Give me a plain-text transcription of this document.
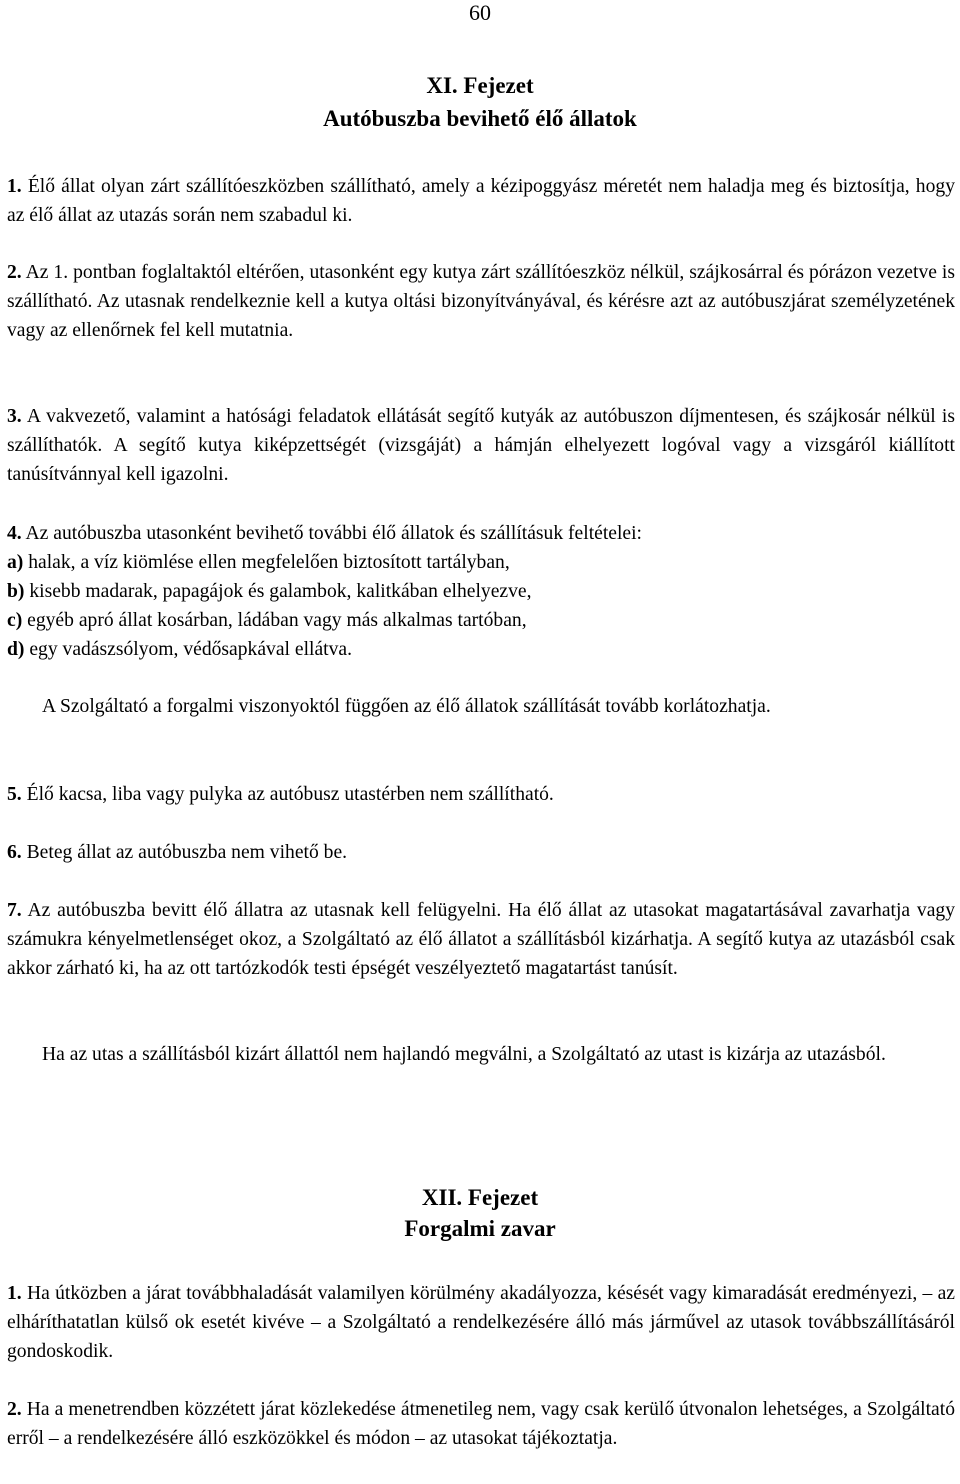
60
XI. Fejezet
Autóbuszba bevihető élő állatok
1. Élő állat olyan zárt szállítóeszközben szállítható, amely a kézipoggyász méretét nem haladja meg és biztosítja, hogy az élő állat az utazás során nem szabadul ki.
2. Az 1. pontban foglaltaktól eltérően, utasonként egy kutya zárt szállítóeszköz nélkül, szájkosárral és pórázon vezetve is szállítható. Az utasnak rendelkeznie kell a kutya oltási bizonyítványával, és kérésre azt az autóbuszjárat személyzetének vagy az ellenőrnek fel kell mutatnia.
3. A vakvezető, valamint a hatósági feladatok ellátását segítő kutyák az autóbuszon díjmentesen, és szájkosár nélkül is szállíthatók. A segítő kutya kiképzettségét (vizsgáját) a hámján elhelyezett logóval vagy a vizsgáról kiállított tanúsítvánnyal kell igazolni.
4. Az autóbuszba utasonként bevihető további élő állatok és szállításuk feltételei:
a) halak, a víz kiömlése ellen megfelelően biztosított tartályban,
b) kisebb madarak, papagájok és galambok, kalitkában elhelyezve,
c) egyéb apró állat kosárban, ládában vagy más alkalmas tartóban,
d) egy vadászsólyom, védősapkával ellátva.
A Szolgáltató a forgalmi viszonyoktól függően az élő állatok szállítását tovább korlátozhatja.
5. Élő kacsa, liba vagy pulyka az autóbusz utastérben nem szállítható.
6. Beteg állat az autóbuszba nem vihető be.
7. Az autóbuszba bevitt élő állatra az utasnak kell felügyelni. Ha élő állat az utasokat magatartásával zavarhatja vagy számukra kényelmetlenséget okoz, a Szolgáltató az élő állatot a szállításból kizárhatja. A segítő kutya az utazásból csak akkor zárható ki, ha az ott tartózkodók testi épségét veszélyeztető magatartást tanúsít.
Ha az utas a szállításból kizárt állattól nem hajlandó megválni, a Szolgáltató az utast is kizárja az utazásból.
XII. Fejezet
Forgalmi zavar
1. Ha útközben a járat továbbhaladását valamilyen körülmény akadályozza, késését vagy kimaradását eredményezi, – az elháríthatatlan külső ok esetét kivéve – a Szolgáltató a rendelkezésére álló más járművel az utasok továbbszállításáról gondoskodik.
2. Ha a menetrendben közzétett járat közlekedése átmenetileg nem, vagy csak kerülő útvonalon lehetséges, a Szolgáltató erről – a rendelkezésére álló eszközökkel és módon – az utasokat tájékoztatja.
